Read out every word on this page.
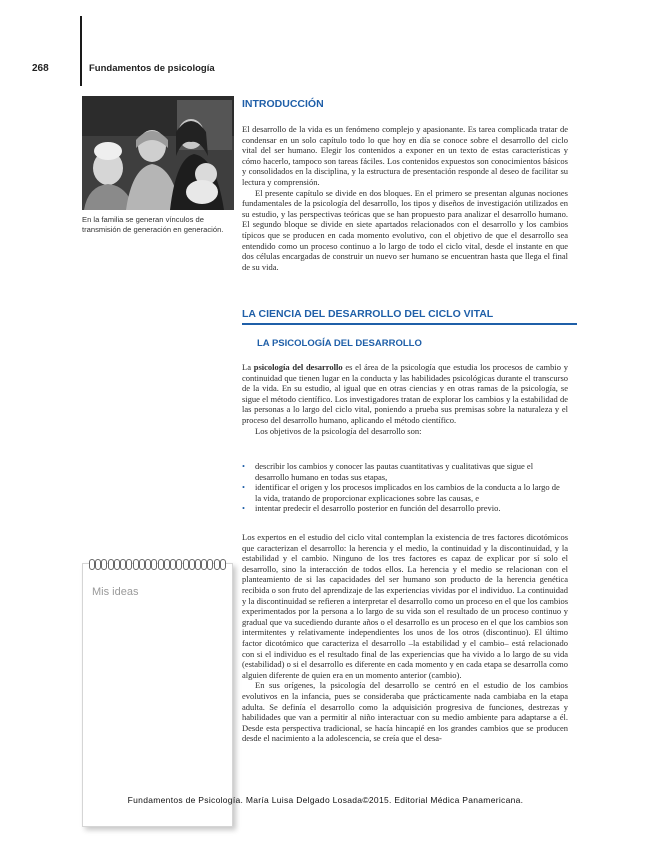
268	Fundamentos de psicología
En la familia se generan vínculos de transmisión de generación en generación.
INTRODUCCIÓN

El desarrollo de la vida es un fenómeno complejo y apasionante. Es tarea complicada tratar de condensar en un solo capítulo todo lo que hoy en día se conoce sobre el desarrollo del ciclo vital del ser humano. Elegir los contenidos a exponer en un texto de estas características y cómo hacerlo, tampoco son tareas fáciles. Los contenidos expuestos son conocimientos básicos y consolidados en la disciplina, y la estructura de presentación responde al deseo de facilitar su lectura y comprensión.

El presente capítulo se divide en dos bloques. En el primero se presentan algunas nociones fundamentales de la psicología del desarrollo, los tipos y diseños de investigación utilizados en su estudio, y las perspectivas teóricas que se han propuesto para analizar el desarrollo humano. El segundo bloque se divide en siete apartados relacionados con el desarrollo y los cambios típicos que se producen en cada momento evolutivo, con el objetivo de que el desarrollo sea entendido como un proceso continuo a lo largo de todo el ciclo vital, desde el instante en que dos células encargadas de construir un nuevo ser humano se encuentran hasta que llega el final de su vida.

LA CIENCIA DEL DESARROLLO DEL CICLO VITAL
LA PSICOLOGÍA DEL DESARROLLO

La psicología del desarrollo es el área de la psicología que estudia los procesos de cambio y continuidad que tienen lugar en la conducta y las habilidades psicológicas durante el transcurso de la vida. En su estudio, al igual que en otras ciencias y en otras ramas de la psicología, se sigue el método científico. Los investigadores tratan de explorar los cambios y la estabilidad de las personas a lo largo del ciclo vital, poniendo a prueba sus premisas sobre la naturaleza y el proceso del desarrollo humano, aplicando el método científico.

Los objetivos de la psicología del desarrollo son:

• describir los cambios y conocer las pautas cuantitativas y cualitativas que sigue el desarrollo humano en todas sus etapas,
• identificar el origen y los procesos implicados en los cambios de la conducta a lo largo de la vida, tratando de proporcionar explicaciones sobre las causas, e
• intentar predecir el desarrollo posterior en función del desarrollo previo.

Los expertos en el estudio del ciclo vital contemplan la existencia de tres factores dicotómicos que caracterizan el desarrollo: la herencia y el medio, la continuidad y la discontinuidad, y la estabilidad y el cambio. Ninguno de los tres factores es capaz de explicar por sí solo el desarrollo, sino la interacción de todos ellos. La herencia y el medio se relacionan con el planteamiento de si las capacidades del ser humano son producto de la herencia genética recibida o son fruto del aprendizaje de las experiencias vividas por el individuo. La continuidad y la discontinuidad se refieren a interpretar el desarrollo como un proceso en el que los cambios experimentados por la persona a lo largo de su vida son el resultado de un proceso continuo y gradual que va sucediendo durante años o el desarrollo es un proceso en el que los cambios son intermitentes y relativamente independientes los unos de los otros (discontinuo). El último factor dicotómico que caracteriza el desarrollo –la estabilidad y el cambio– está relacionado con si el individuo es el resultado final de las experiencias que ha vivido a lo largo de su vida (estabilidad) o si el desarrollo es diferente en cada momento y en cada etapa se desarrolla como alguien diferente de quien era en un momento anterior (cambio).

En sus orígenes, la psicología del desarrollo se centró en el estudio de los cambios evolutivos en la infancia, pues se consideraba que prácticamente nada cambiaba en la etapa adulta. Se definía el desarrollo como la adquisición progresiva de funciones, destrezas y habilidades que van a permitir al niño interactuar con su medio ambiente para adaptarse a él. Desde esta perspectiva tradicional, se hacía hincapié en los grandes cambios que se producen desde el nacimiento a la adolescencia, se creía que el desa-

Mis ideas
Fundamentos de Psicología. María Luisa Delgado Losada©2015. Editorial Médica Panamericana.
